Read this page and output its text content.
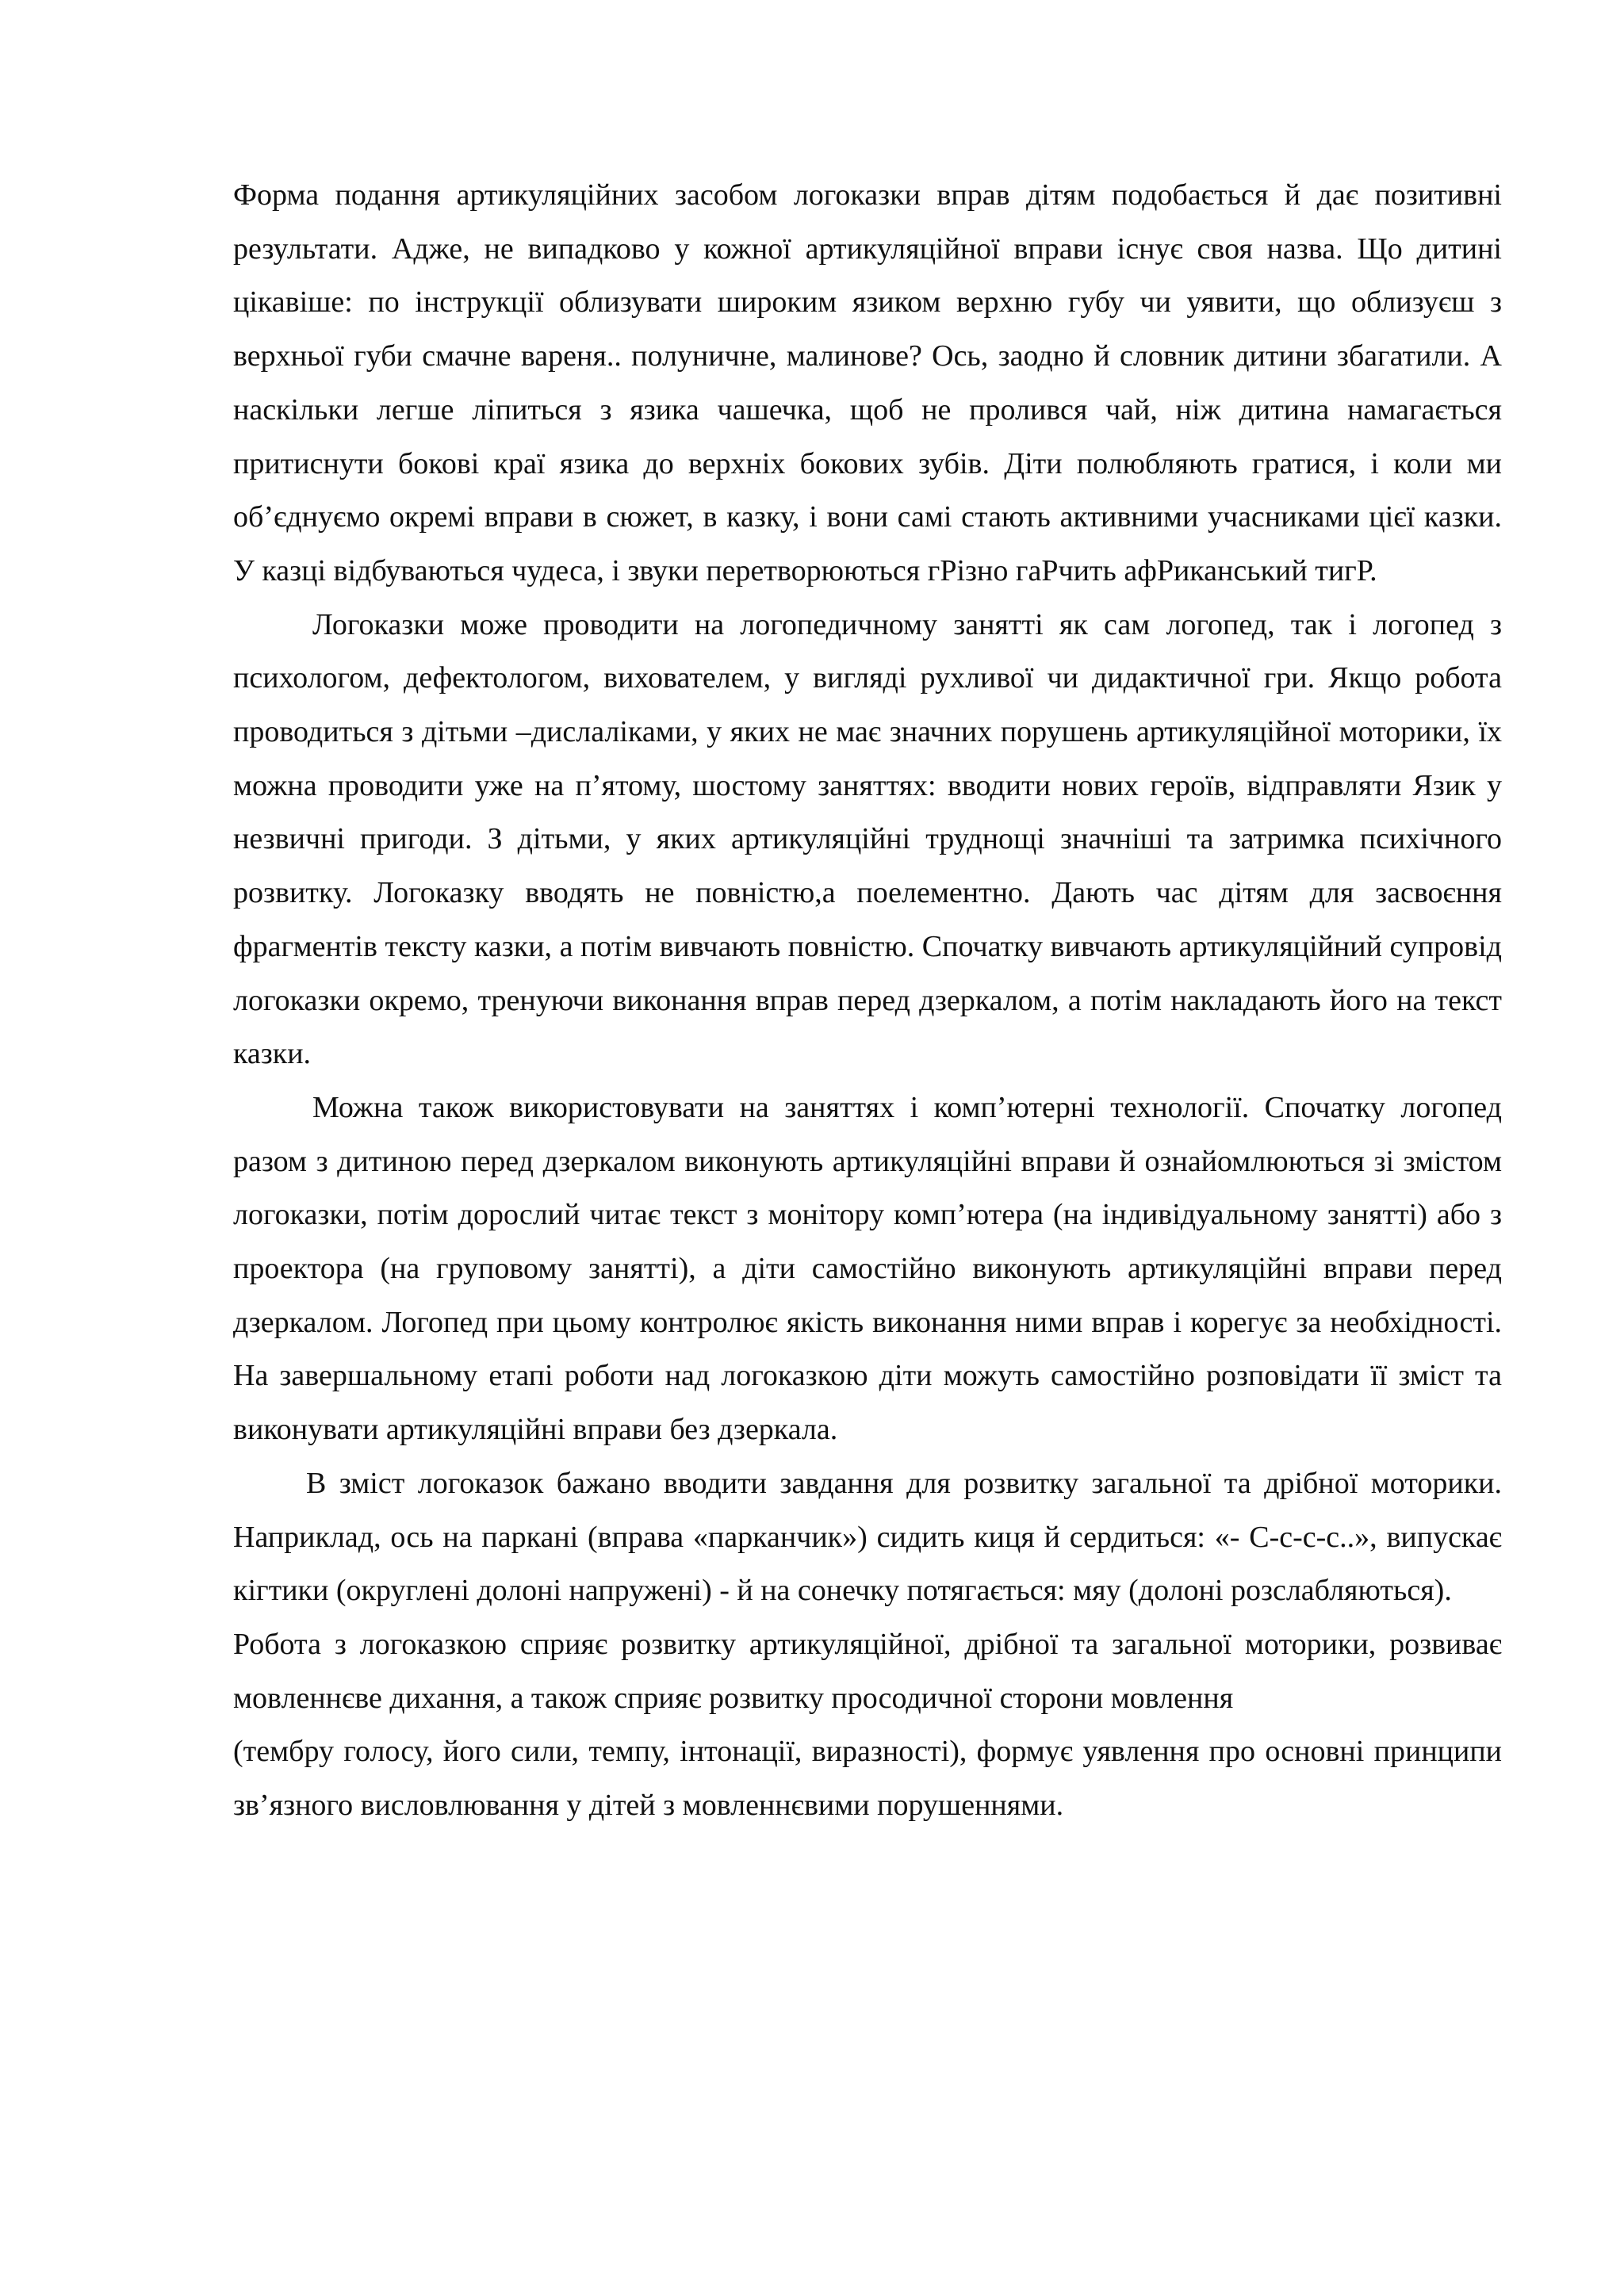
Форма подання артикуляційних засобом логоказки вправ дітям подобається й дає позитивні результати. Адже, не випадково у кожної артикуляційної вправи існує своя назва. Що дитині цікавіше: по інструкції облизувати широким язиком верхню губу чи уявити, що облизуєш з верхньої губи смачне вареня.. полуничне, малинове? Ось, заодно й словник дитини збагатили. А наскільки легше ліпиться з язика чашечка, щоб не пролився чай, ніж дитина намагається притиснути бокові краї язика до верхніх бокових зубів. Діти полюбляють гратися, і коли ми об’єднуємо окремі вправи в сюжет, в казку, і вони самі стають активними учасниками цієї казки. У казці відбуваються чудеса, і звуки перетворюються гРізно гаРчить афРиканський тигР.

Логоказки може проводити на логопедичному занятті як сам логопед, так і логопед з психологом, дефектологом, вихователем, у вигляді рухливої чи дидактичної гри. Якщо робота проводиться з дітьми –дислаліками, у яких не має значних порушень артикуляційної моторики, їх можна проводити уже на п’ятому, шостому заняттях: вводити нових героїв, відправляти Язик у незвичні пригоди. З дітьми, у яких артикуляційні труднощі значніші та затримка психічного розвитку. Логоказку вводять не повністю,а поелементно. Дають час дітям для засвоєння фрагментів тексту казки, а потім вивчають повністю. Спочатку вивчають артикуляційний супровід логоказки окремо, тренуючи виконання вправ перед дзеркалом, а потім накладають його на текст казки.

Можна також використовувати на заняттях і комп’ютерні технології. Спочатку логопед разом з дитиною перед дзеркалом виконують артикуляційні вправи й ознайомлюються зі змістом логоказки, потім дорослий читає текст з монітору комп’ютера (на індивідуальному занятті) або з проектора (на груповому занятті), а діти самостійно виконують артикуляційні вправи перед дзеркалом. Логопед при цьому контролює якість виконання ними вправ і корегує за необхідності. На завершальному етапі роботи над логоказкою діти можуть самостійно розповідати її зміст та виконувати артикуляційні вправи без дзеркала.

В зміст логоказок бажано вводити завдання для розвитку загальної та дрібної моторики. Наприклад, ось на паркані (вправа «парканчик») сидить киця й сердиться: «- С-с-с-с..», випускає кігтики (округлені долоні напружені) - й на сонечку потягається: мяу (долоні розслабляються).

Робота з логоказкою сприяє розвитку артикуляційної, дрібної та загальної моторики, розвиває мовленнєве дихання, а також сприяє розвитку просодичної сторони мовлення

(тембру голосу, його сили, темпу, інтонації, виразності), формує уявлення про основні принципи зв’язного висловлювання у дітей з мовленнєвими порушеннями.
